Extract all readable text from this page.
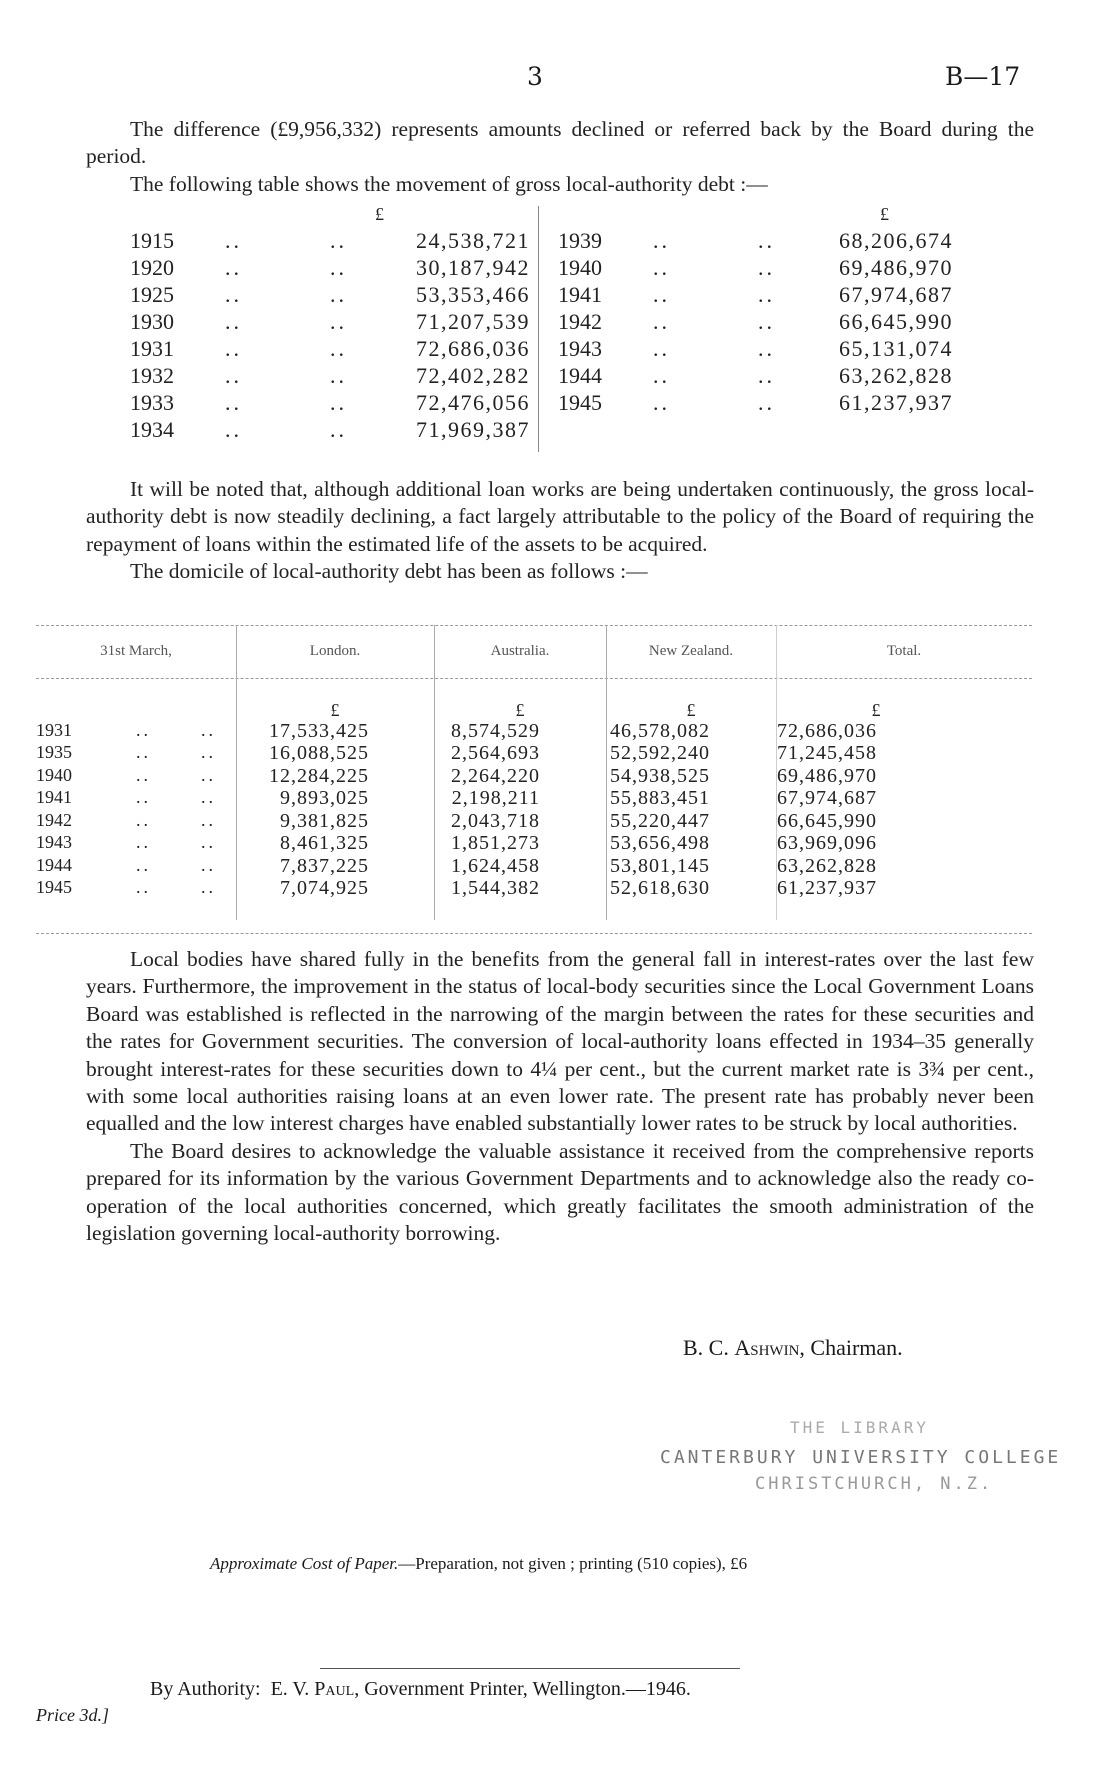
3	B—17

The difference (£9,956,332) represents amounts declined or referred back by the Board during the period.

The following table shows the movement of gross local-authority debt :—

£	£
1915 ..	..	24,538,721
1920 ..	..	30,187,942
1925 ..	..	53,353,466
1930 ..	..	71,207,539
1931 ..	..	72,686,036
1932 ..	..	72,402,282
1933 ..	..	72,476,056
1934 ..	..	71,969,387
1939 ..	..	68,206,674
1940 ..	..	69,486,970
1941 ..	..	67,974,687
1942 ..	..	66,645,990
1943 ..	..	65,131,074
1944 ..	..	63,262,828
1945 ..	..	61,237,937

It will be noted that, although additional loan works are being undertaken continuously, the gross local-authority debt is now steadily declining, a fact largely attributable to the policy of the Board of requiring the repayment of loans within the estimated life of the assets to be acquired.

The domicile of local-authority debt has been as follows :—

31st March,	London.	Australia.	New Zealand.	Total.
£	£	£	£
1931	..	..	17,533,425	8,574,529	46,578,082	72,686,036
1935	..	..	16,088,525	2,564,693	52,592,240	71,245,458
1940	..	..	12,284,225	2,264,220	54,938,525	69,486,970
1941	..	..	9,893,025	2,198,211	55,883,451	67,974,687
1942	..	..	9,381,825	2,043,718	55,220,447	66,645,990
1943	..	..	8,461,325	1,851,273	53,656,498	63,969,096
1944	..	..	7,837,225	1,624,458	53,801,145	63,262,828
1945	..	..	7,074,925	1,544,382	52,618,630	61,237,937

Local bodies have shared fully in the benefits from the general fall in interest-rates over the last few years. Furthermore, the improvement in the status of local-body securities since the Local Government Loans Board was established is reflected in the narrowing of the margin between the rates for these securities and the rates for Government securities. The conversion of local-authority loans effected in 1934–35 generally brought interest-rates for these securities down to 4¼ per cent., but the current market rate is 3¾ per cent., with some local authorities raising loans at an even lower rate. The present rate has probably never been equalled and the low interest charges have enabled substantially lower rates to be struck by local authorities.

The Board desires to acknowledge the valuable assistance it received from the comprehensive reports prepared for its information by the various Government Departments and to acknowledge also the ready co-operation of the local authorities concerned, which greatly facilitates the smooth administration of the legislation governing local-authority borrowing.

B. C. Ashwin, Chairman.
THE LIBRARY
CANTERBURY UNIVERSITY COLLEGE
CHRISTCHURCH, N.Z.
Approximate Cost of Paper.—Preparation, not given ; printing (510 copies), £6
By Authority:  E. V. Paul, Government Printer, Wellington.—1946.
Price 3d.]
